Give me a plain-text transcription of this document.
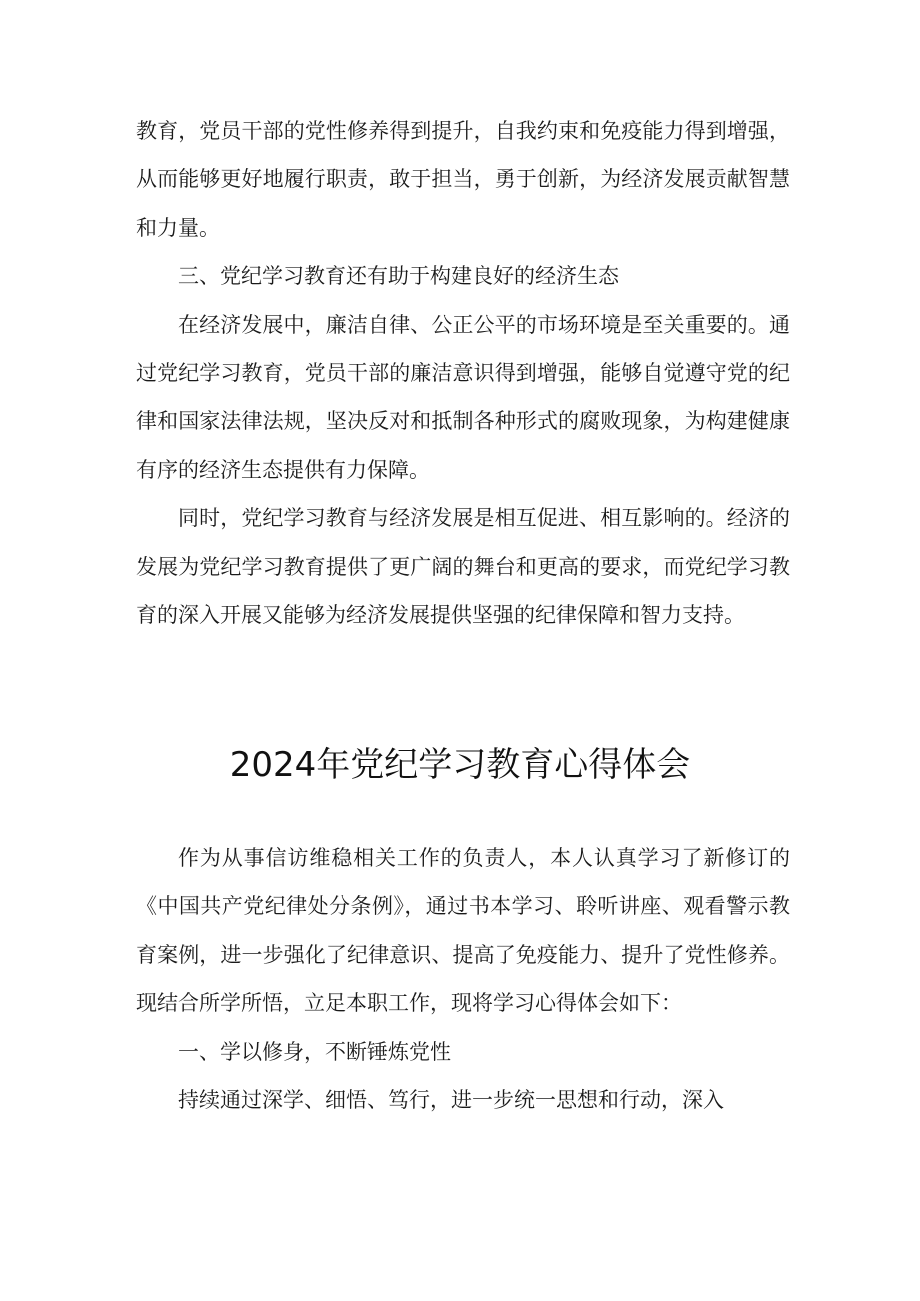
教育，党员干部的党性修养得到提升，自我约束和免疫能力得到增强，从而能够更好地履行职责，敢于担当，勇于创新，为经济发展贡献智慧和力量。

三、党纪学习教育还有助于构建良好的经济生态

在经济发展中，廉洁自律、公正公平的市场环境是至关重要的。通过党纪学习教育，党员干部的廉洁意识得到增强，能够自觉遵守党的纪律和国家法律法规，坚决反对和抵制各种形式的腐败现象，为构建健康有序的经济生态提供有力保障。

同时，党纪学习教育与经济发展是相互促进、相互影响的。经济的发展为党纪学习教育提供了更广阔的舞台和更高的要求，而党纪学习教育的深入开展又能够为经济发展提供坚强的纪律保障和智力支持。

2024年党纪学习教育心得体会

作为从事信访维稳相关工作的负责人，本人认真学习了新修订的《中国共产党纪律处分条例》，通过书本学习、聆听讲座、观看警示教育案例，进一步强化了纪律意识、提高了免疫能力、提升了党性修养。现结合所学所悟，立足本职工作，现将学习心得体会如下：

一、学以修身，不断锤炼党性

持续通过深学、细悟、笃行，进一步统一思想和行动，深入
